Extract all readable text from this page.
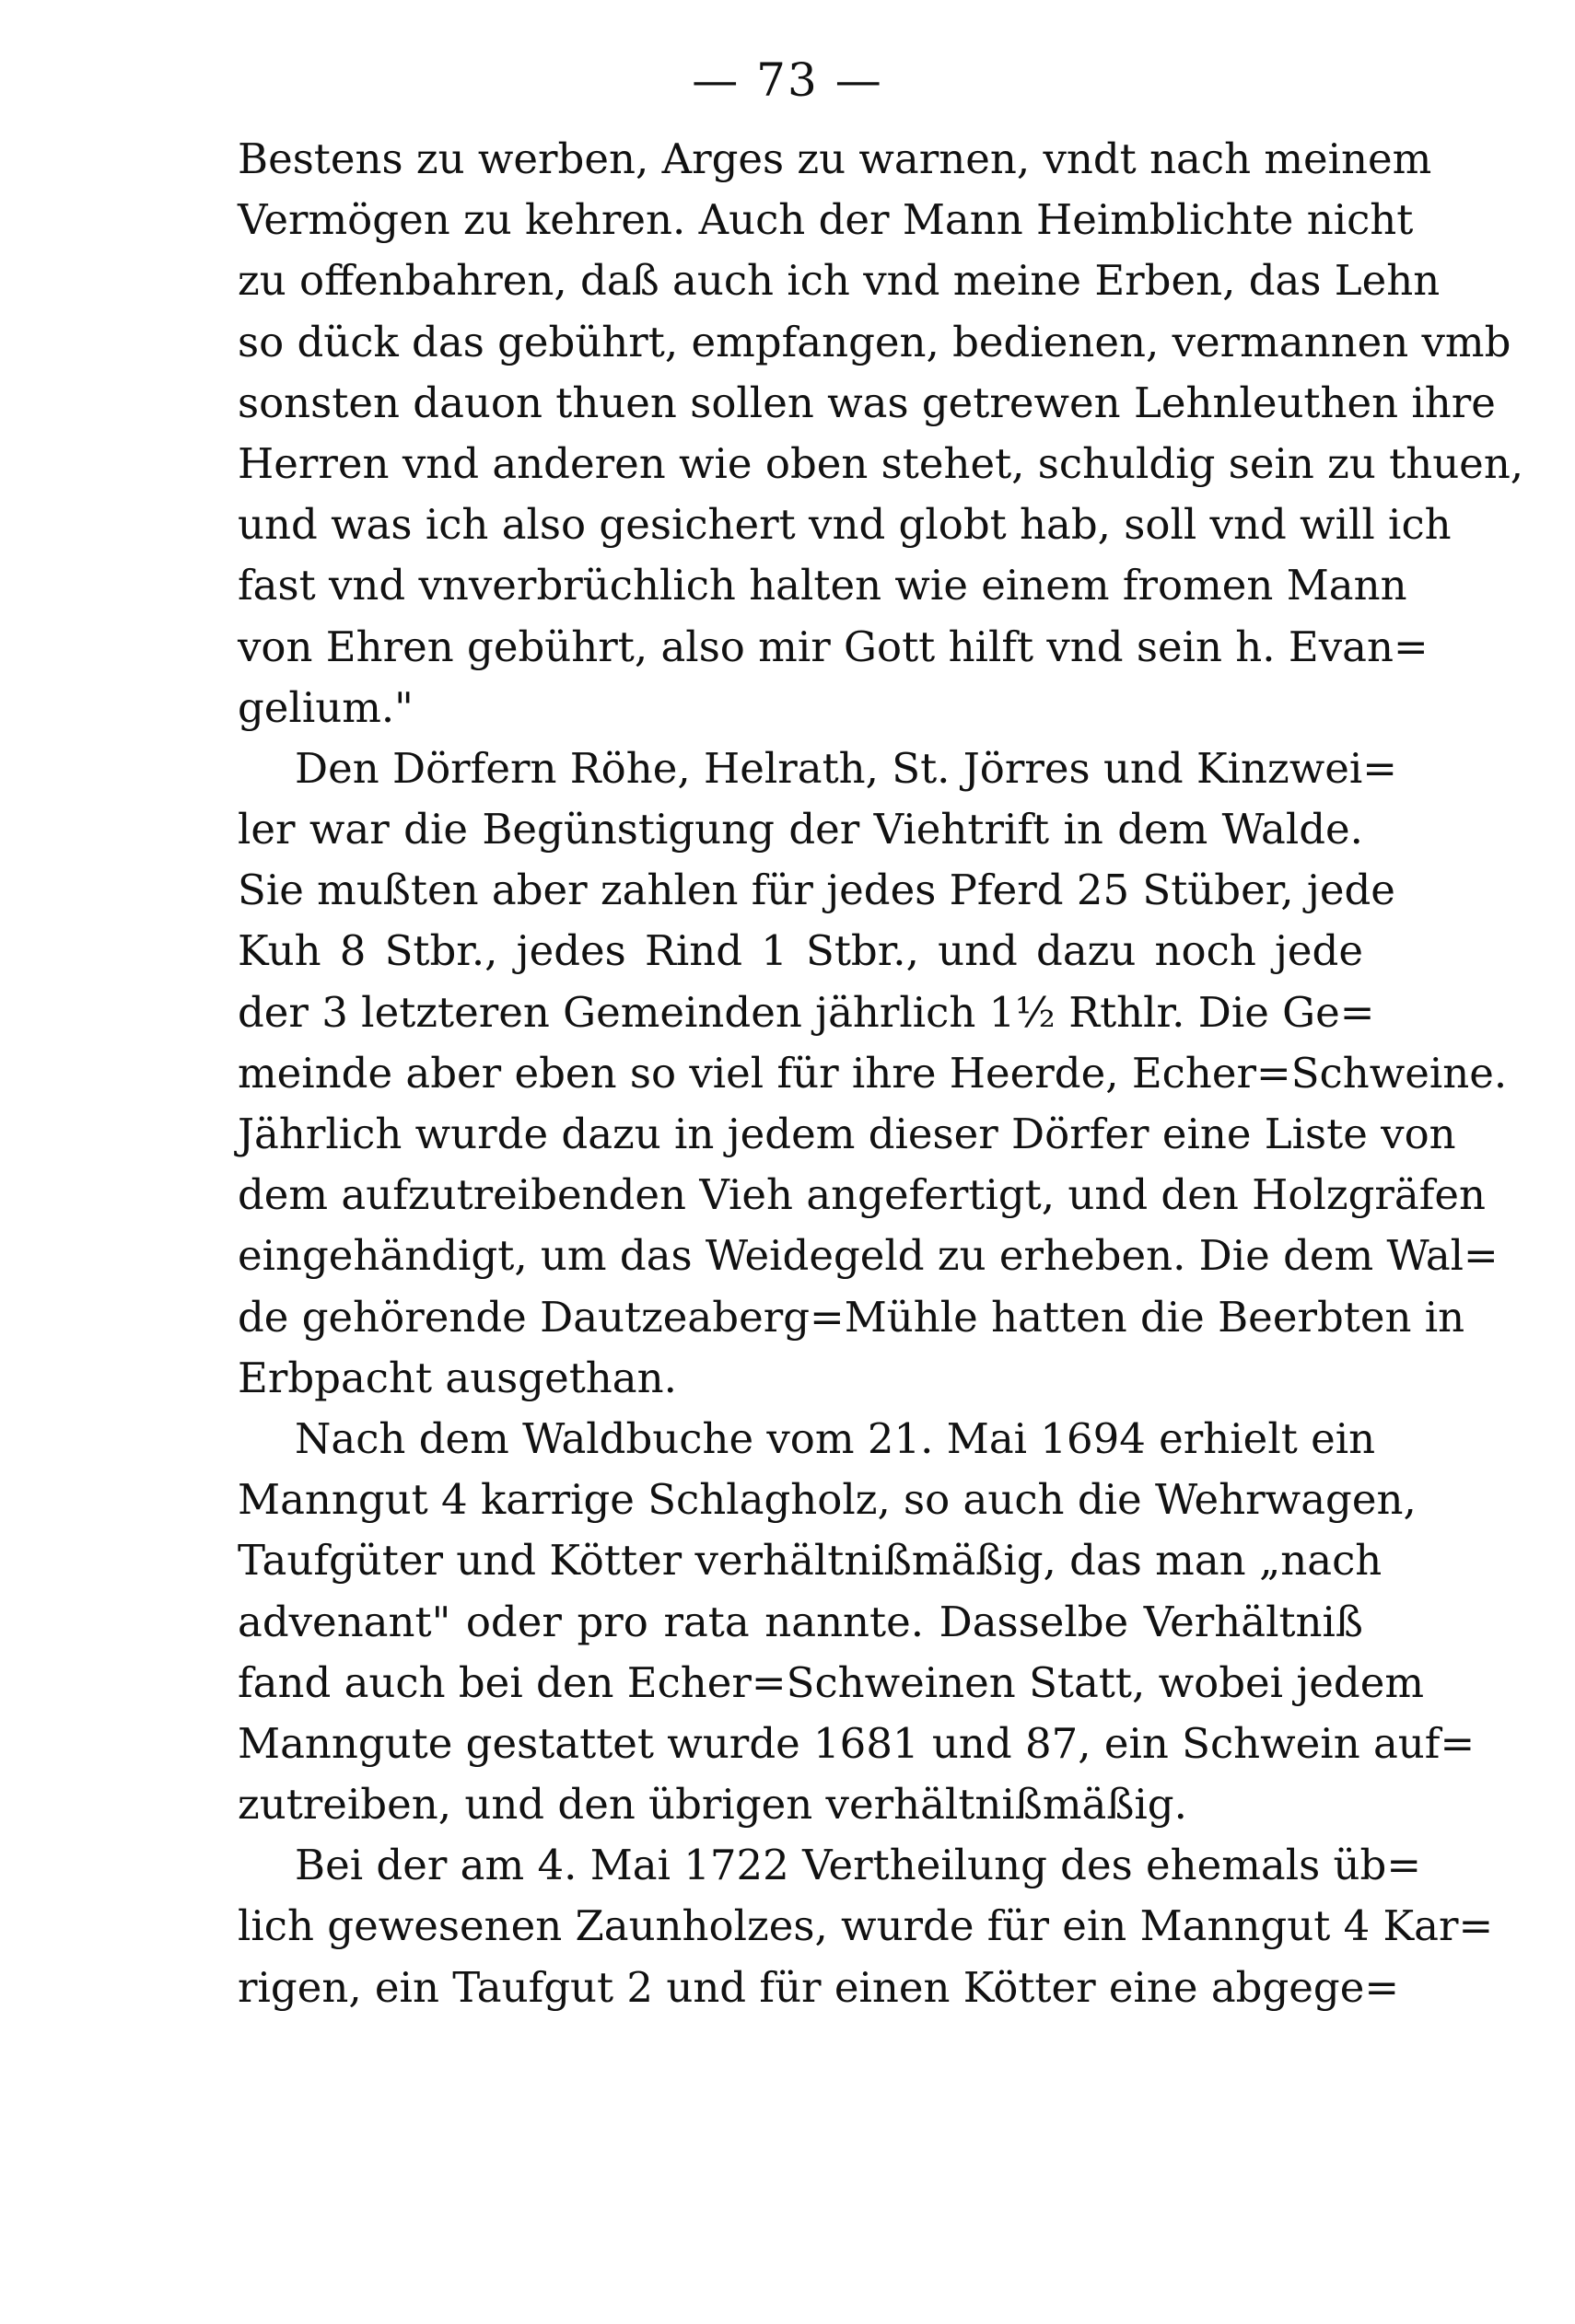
— 73 —
Bestens zu werben, Arges zu warnen, vndt nach meinem
Vermögen zu kehren. Auch der Mann Heimblichte nicht
zu offenbahren, daß auch ich vnd meine Erben, das Lehn
so dück das gebührt, empfangen, bedienen, vermannen vmb
sonsten dauon thuen sollen was getrewen Lehnleuthen ihre
Herren vnd anderen wie oben stehet, schuldig sein zu thuen,
und was ich also gesichert vnd globt hab, soll vnd will ich
fast vnd vnverbrüchlich halten wie einem fromen Mann
von Ehren gebührt, also mir Gott hilft vnd sein h. Evan=
gelium."
Den Dörfern Röhe, Helrath, St. Jörres und Kinzwei=
ler war die Begünstigung der Viehtrift in dem Walde.
Sie mußten aber zahlen für jedes Pferd 25 Stüber, jede
Kuh 8 Stbr., jedes Rind 1 Stbr., und dazu noch jede
der 3 letzteren Gemeinden jährlich 1½ Rthlr. Die Ge=
meinde aber eben so viel für ihre Heerde, Echer=Schweine.
Jährlich wurde dazu in jedem dieser Dörfer eine Liste von
dem aufzutreibenden Vieh angefertigt, und den Holzgräfen
eingehändigt, um das Weidegeld zu erheben. Die dem Wal=
de gehörende Dautzeaberg=Mühle hatten die Beerbten in
Erbpacht ausgethan.
Nach dem Waldbuche vom 21. Mai 1694 erhielt ein
Manngut 4 karrige Schlagholz, so auch die Wehrwagen,
Taufgüter und Kötter verhältnißmäßig, das man „nach
advenant" oder pro rata nannte. Dasselbe Verhältniß
fand auch bei den Echer=Schweinen Statt, wobei jedem
Manngute gestattet wurde 1681 und 87, ein Schwein auf=
zutreiben, und den übrigen verhältnißmäßig.
Bei der am 4. Mai 1722 Vertheilung des ehemals üb=
lich gewesenen Zaunholzes, wurde für ein Manngut 4 Kar=
rigen, ein Taufgut 2 und für einen Kötter eine abgege=
